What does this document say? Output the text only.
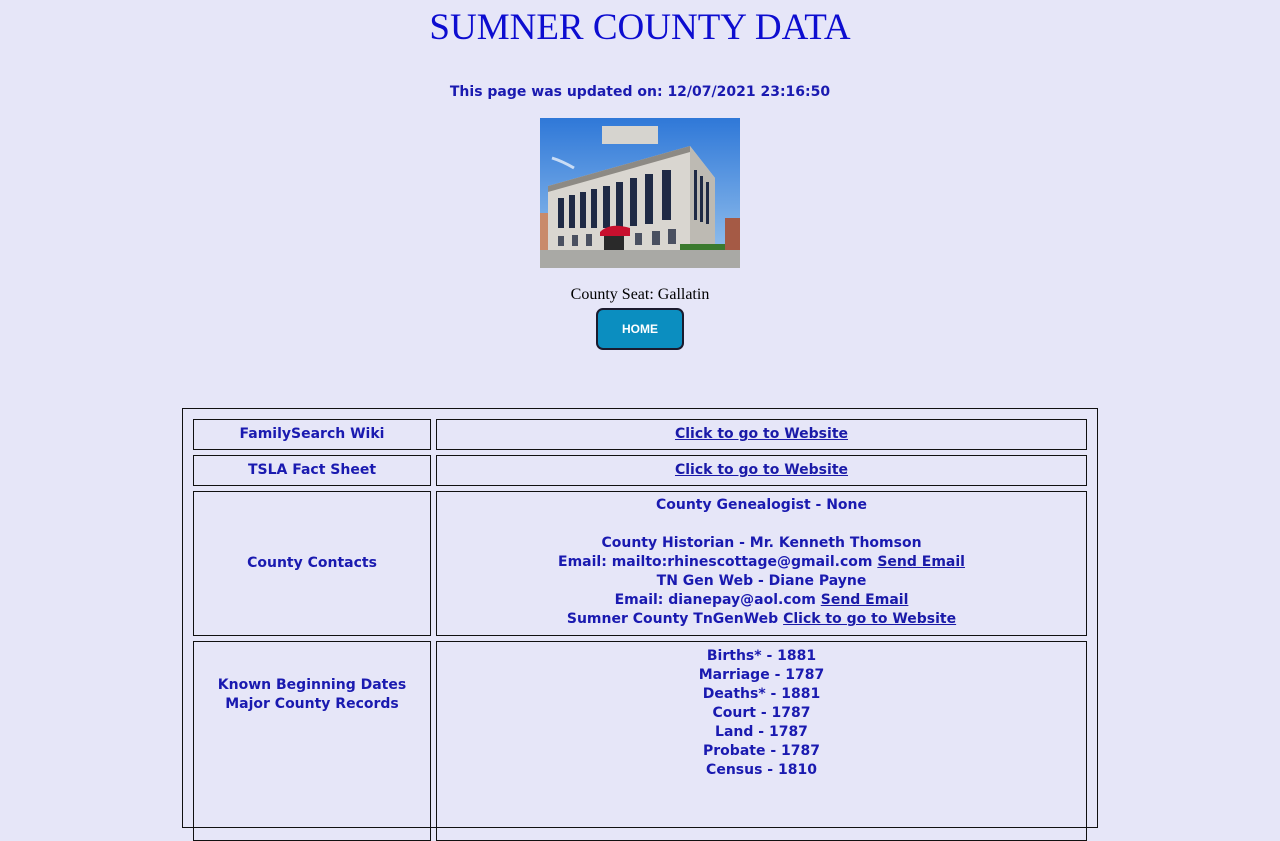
SUMNER COUNTY DATA
This page was updated on: 12/07/2021 23:16:50
County Seat: Gallatin
HOME
FamilySearch Wiki	Click to go to Website
TSLA Fact Sheet	Click to go to Website
County Contacts
County Genealogist - None
County Historian - Mr. Kenneth Thomson
Email: mailto:rhinescottage@gmail.com Send Email
TN Gen Web - Diane Payne
Email: dianepay@aol.com Send Email
Sumner County TnGenWeb Click to go to Website
Known Beginning Dates
Major County Records
Births* - 1881
Marriage - 1787
Deaths* - 1881
Court - 1787
Land - 1787
Probate - 1787
Census - 1810
